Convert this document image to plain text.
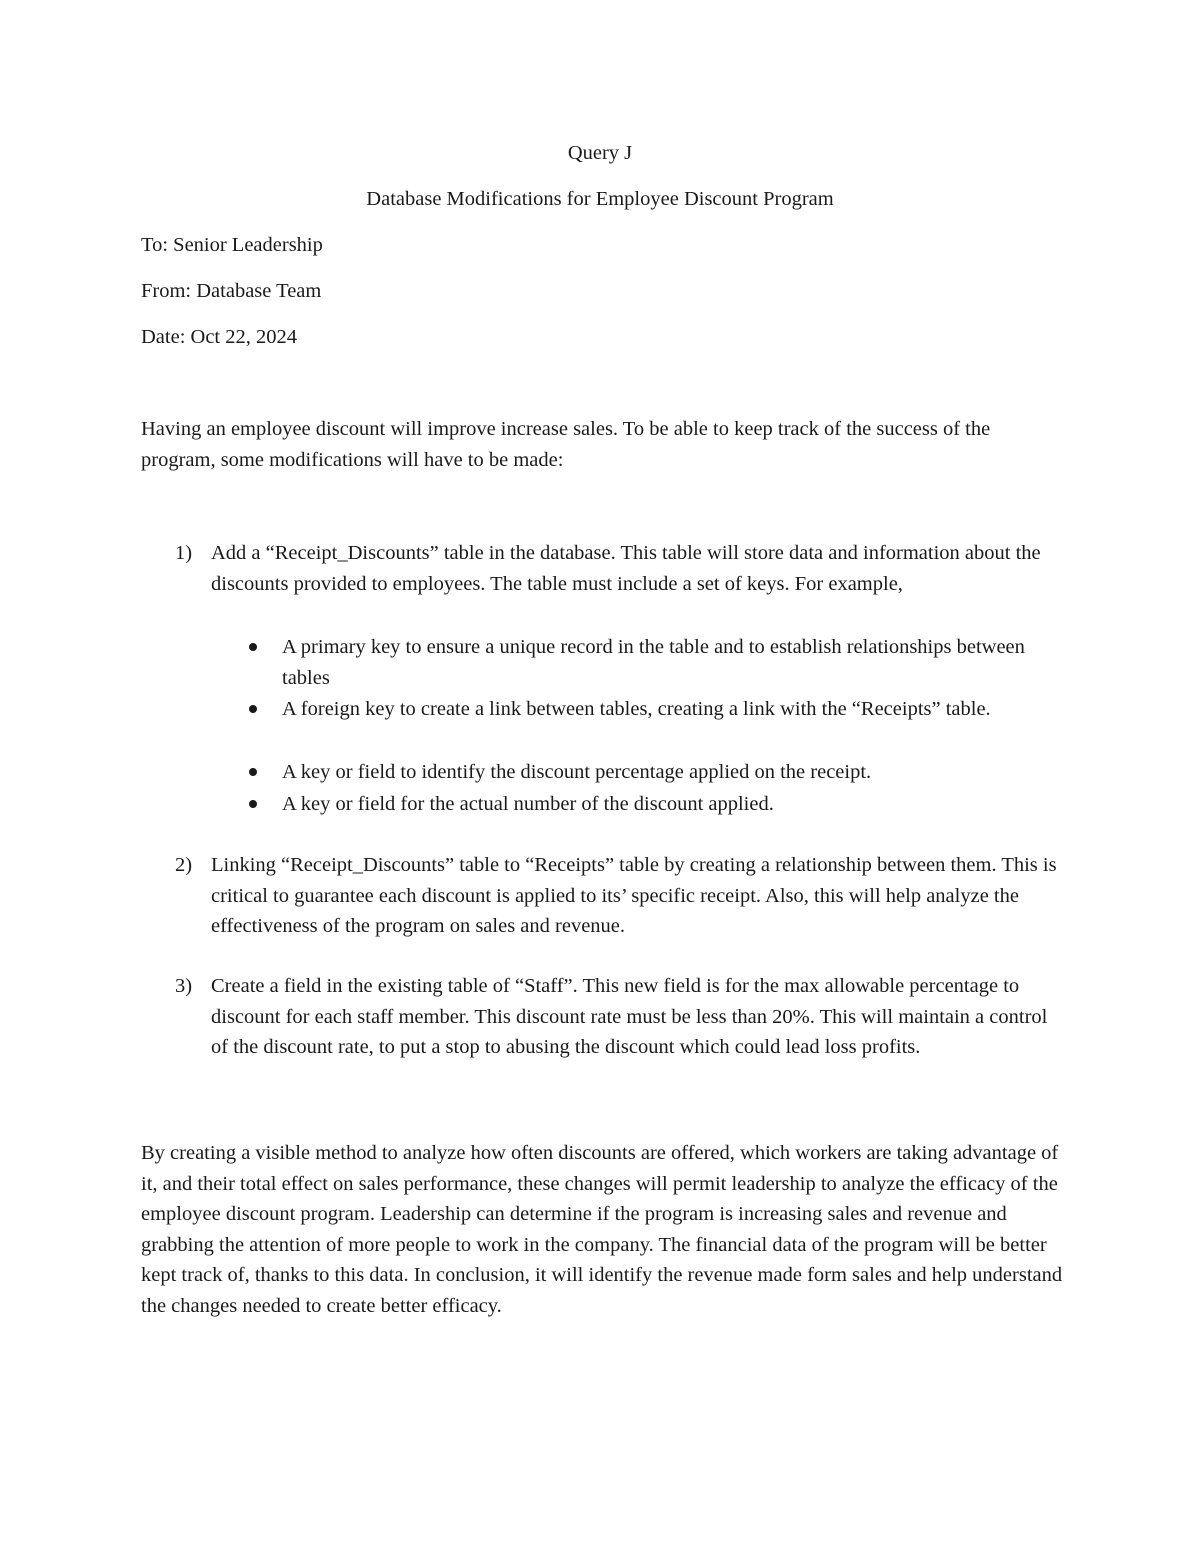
Query J
Database Modifications for Employee Discount Program
To: Senior Leadership
From: Database Team
Date: Oct 22, 2024
Having an employee discount will improve increase sales. To be able to keep track of the success of the program, some modifications will have to be made:
1) Add a “Receipt_Discounts” table in the database. This table will store data and information about the discounts provided to employees. The table must include a set of keys. For example,
A primary key to ensure a unique record in the table and to establish relationships between tables
A foreign key to create a link between tables, creating a link with the “Receipts” table.
A key or field to identify the discount percentage applied on the receipt.
A key or field for the actual number of the discount applied.
2) Linking “Receipt_Discounts” table to “Receipts” table by creating a relationship between them. This is critical to guarantee each discount is applied to its’ specific receipt. Also, this will help analyze the effectiveness of the program on sales and revenue.
3) Create a field in the existing table of “Staff”. This new field is for the max allowable percentage to discount for each staff member. This discount rate must be less than 20%. This will maintain a control of the discount rate, to put a stop to abusing the discount which could lead loss profits.
By creating a visible method to analyze how often discounts are offered, which workers are taking advantage of it, and their total effect on sales performance, these changes will permit leadership to analyze the efficacy of the employee discount program. Leadership can determine if the program is increasing sales and revenue and grabbing the attention of more people to work in the company. The financial data of the program will be better kept track of, thanks to this data. In conclusion, it will identify the revenue made form sales and help understand the changes needed to create better efficacy.
